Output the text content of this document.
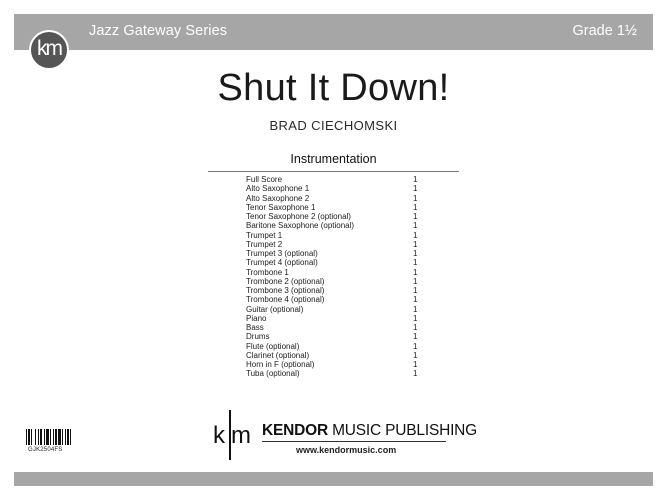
Jazz Gateway Series	Grade 1½
km
Shut It Down!
BRAD CIECHOMSKI
Instrumentation
Full Score	1
Alto Saxophone 1	1
Alto Saxophone 2	1
Tenor Saxophone 1	1
Tenor Saxophone 2 (optional)	1
Baritone Saxophone (optional)	1
Trumpet 1	1
Trumpet 2	1
Trumpet 3 (optional)	1
Trumpet 4 (optional)	1
Trombone 1	1
Trombone 2 (optional)	1
Trombone 3 (optional)	1
Trombone 4 (optional)	1
Guitar (optional)	1
Piano	1
Bass	1
Drums	1
Flute (optional)	1
Clarinet (optional)	1
Horn in F (optional)	1
Tuba (optional)	1
GJK2504FS
k m KENDOR MUSIC PUBLISHING
www.kendormusic.com
